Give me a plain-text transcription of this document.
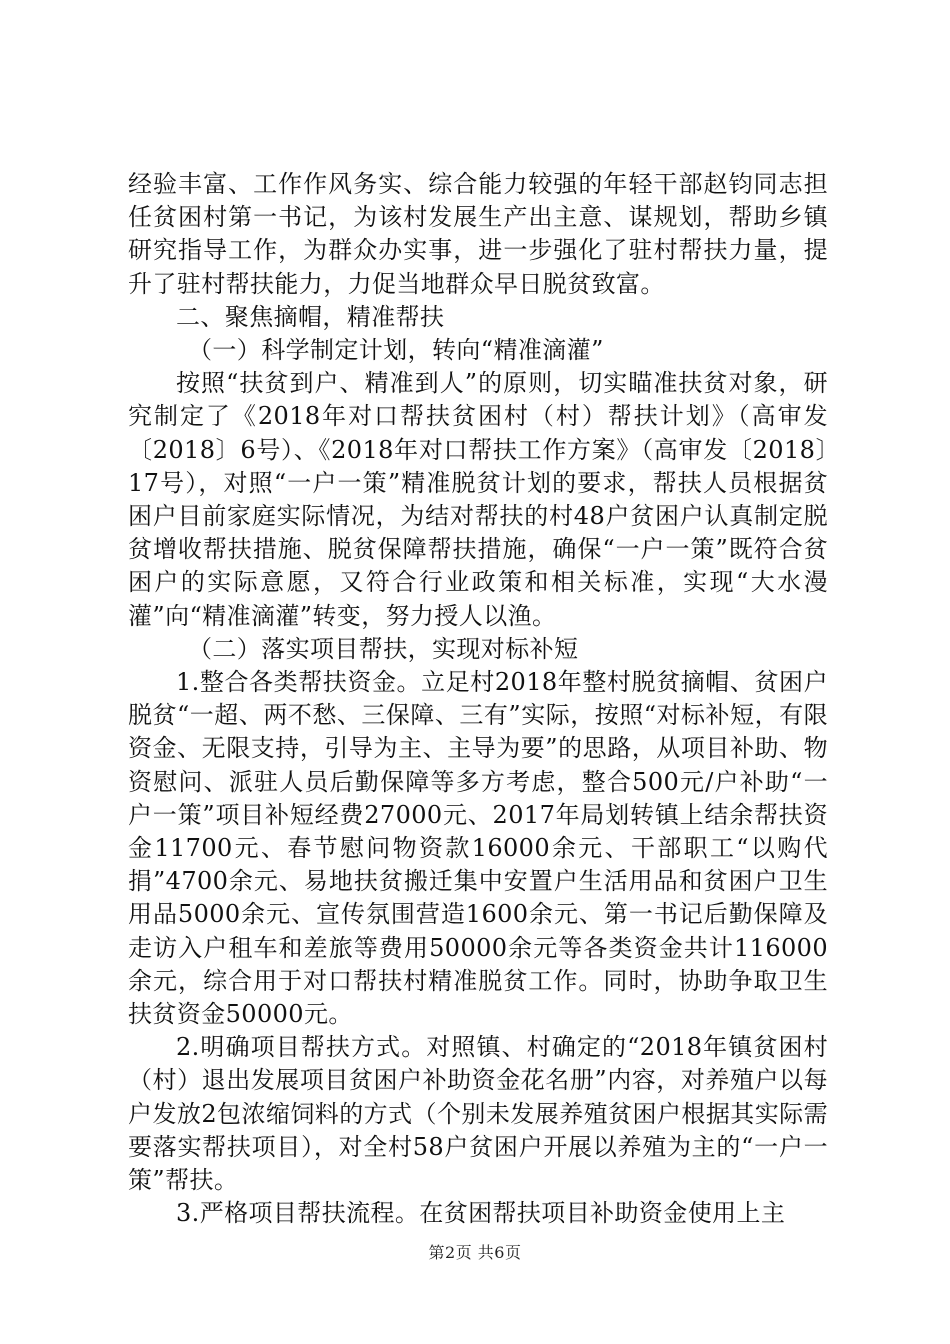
经验丰富、工作作风务实、综合能力较强的年轻干部赵钧同志担任贫困村第一书记，为该村发展生产出主意、谋规划，帮助乡镇研究指导工作，为群众办实事，进一步强化了驻村帮扶力量，提升了驻村帮扶能力，力促当地群众早日脱贫致富。

二、聚焦摘帽，精准帮扶

（一）科学制定计划，转向“精准滴灌”

按照“扶贫到户、精准到人”的原则，切实瞄准扶贫对象，研究制定了《2018年对口帮扶贫困村（村）帮扶计划》（高审发〔2018〕6号）、《2018年对口帮扶工作方案》（高审发〔2018〕17号），对照“一户一策”精准脱贫计划的要求，帮扶人员根据贫困户目前家庭实际情况，为结对帮扶的村48户贫困户认真制定脱贫增收帮扶措施、脱贫保障帮扶措施，确保“一户一策”既符合贫困户的实际意愿，又符合行业政策和相关标准，实现“大水漫灌”向“精准滴灌”转变，努力授人以渔。

（二）落实项目帮扶，实现对标补短

1.整合各类帮扶资金。立足村2018年整村脱贫摘帽、贫困户脱贫“一超、两不愁、三保障、三有”实际，按照“对标补短，有限资金、无限支持，引导为主、主导为要”的思路，从项目补助、物资慰问、派驻人员后勤保障等多方考虑，整合500元/户补助“一户一策”项目补短经费27000元、2017年局划转镇上结余帮扶资金11700元、春节慰问物资款16000余元、干部职工“以购代捐”4700余元、易地扶贫搬迁集中安置户生活用品和贫困户卫生用品5000余元、宣传氛围营造1600余元、第一书记后勤保障及走访入户租车和差旅等费用50000余元等各类资金共计116000余元，综合用于对口帮扶村精准脱贫工作。同时，协助争取卫生扶贫资金50000元。

2.明确项目帮扶方式。对照镇、村确定的“2018年镇贫困村（村）退出发展项目贫困户补助资金花名册”内容，对养殖户以每户发放2包浓缩饲料的方式（个别未发展养殖贫困户根据其实际需要落实帮扶项目），对全村58户贫困户开展以养殖为主的“一户一策”帮扶。

3.严格项目帮扶流程。在贫困帮扶项目补助资金使用上主

第2页 共6页
